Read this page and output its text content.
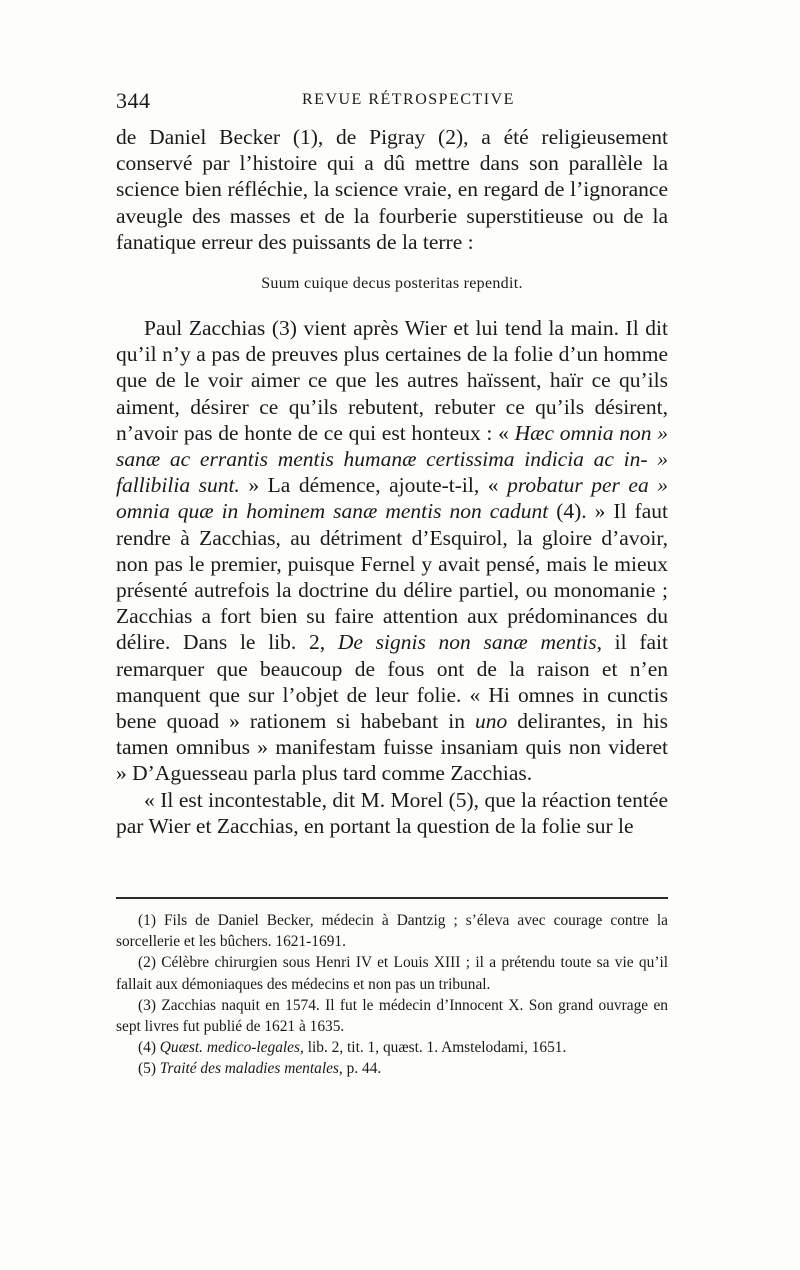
344	REVUE RÉTROSPECTIVE

de Daniel Becker (1), de Pigray (2), a été religieusement conservé par l’histoire qui a dû mettre dans son parallèle la science bien réfléchie, la science vraie, en regard de l’ignorance aveugle des masses et de la fourberie superstitieuse ou de la fanatique erreur des puissants de la terre :

Suum cuique decus posteritas rependit.

Paul Zacchias (3) vient après Wier et lui tend la main. Il dit qu’il n’y a pas de preuves plus certaines de la folie d’un homme que de le voir aimer ce que les autres haïssent, haïr ce qu’ils aiment, désirer ce qu’ils rebutent, rebuter ce qu’ils désirent, n’avoir pas de honte de ce qui est honteux : « Hæc omnia non » sanæ ac errantis mentis humanæ certissima indicia ac in- » fallibilia sunt. » La démence, ajoute-t-il, « probatur per ea » omnia quæ in hominem sanæ mentis non cadunt (4). » Il faut rendre à Zacchias, au détriment d’Esquirol, la gloire d’avoir, non pas le premier, puisque Fernel y avait pensé, mais le mieux présenté autrefois la doctrine du délire partiel, ou monomanie ; Zacchias a fort bien su faire attention aux prédominances du délire. Dans le lib. 2, De signis non sanæ mentis, il fait remarquer que beaucoup de fous ont de la raison et n’en manquent que sur l’objet de leur folie. « Hi omnes in cunctis bene quoad » rationem si habebant in uno delirantes, in his tamen omnibus » manifestam fuisse insaniam quis non videret » D’Aguesseau parla plus tard comme Zacchias.

« Il est incontestable, dit M. Morel (5), que la réaction tentée par Wier et Zacchias, en portant la question de la folie sur le

(1) Fils de Daniel Becker, médecin à Dantzig ; s’éleva avec courage contre la sorcellerie et les bûchers. 1621-1691.

(2) Célèbre chirurgien sous Henri IV et Louis XIII ; il a prétendu toute sa vie qu’il fallait aux démoniaques des médecins et non pas un tribunal.

(3) Zacchias naquit en 1574. Il fut le médecin d’Innocent X. Son grand ouvrage en sept livres fut publié de 1621 à 1635.

(4) Quæst. medico-legales, lib. 2, tit. 1, quæst. 1. Amstelodami, 1651.

(5) Traité des maladies mentales, p. 44.
